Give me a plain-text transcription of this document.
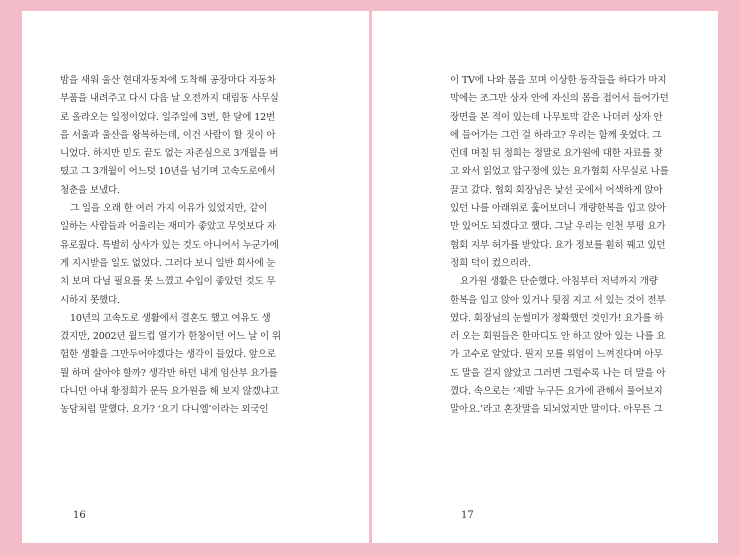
밤을 새워 울산 현대자동차에 도착해 공장마다 자동차
부품을 내려주고 다시 다음 날 오전까지 대림동 사무실
로 올라오는 일정이었다. 일주일에 3번, 한 달에 12번
을 서울과 울산을 왕복하는데, 이건 사람이 할 짓이 아
니었다. 하지만 믿도 끝도 없는 자존심으로 3개월을 버
텼고 그 3개월이 어느덧 10년을 넘기며 고속도로에서
청춘을 보냈다.
그 일을 오래 한 여러 가지 이유가 있었지만, 같이
일하는 사람들과 어울리는 재미가 좋았고 무엇보다 자
유로웠다. 특별히 상사가 있는 것도 아니어서 누군가에
게 지시받을 일도 없었다. 그러다 보니 일반 회사에 눈
치 보며 다닐 필요를 못 느꼈고 수입이 좋았던 것도 무
시하지 못했다.
10년의 고속도로 생활에서 결혼도 했고 여유도 생
겼지만, 2002년 월드컵 열기가 한창이던 어느 날 이 위
험한 생활을 그만두어야겠다는 생각이 들었다. 앞으로
뭘 하며 살아야 할까? 생각만 하던 내게 임산부 요가를
다니던 아내 황정희가 문득 요가원을 해 보지 않겠냐고
농담처럼 말했다. 요가? ‘요기 다니엘’이라는 외국인
16
이 TV에 나와 몸을 꼬며 이상한 동작들을 하다가 마지
막에는 조그만 상자 안에 자신의 몸을 접어서 들어가던
장면을 본 적이 있는데 나무토막 같은 나더러 상자 안
에 들어가는 그런 걸 하라고? 우리는 함께 웃었다. 그
런데 며칠 뒤 정희는 정말로 요가원에 대한 자료를 찾
고 와서 읽었고 압구정에 있는 요가협회 사무실로 나를
끌고 갔다. 협회 회장님은 낯선 곳에서 어색하게 앉아
있던 나를 아래위로 훑어보더니 개량한복을 입고 앉아
만 있어도 되겠다고 했다. 그날 우리는 인천 부평 요가
협회 지부 허가를 받았다. 요가 정보를 훤히 꿰고 있던
정희 덕이 컸으리라.
요가원 생활은 단순했다. 아침부터 저녁까지 개량
한복을 입고 앉아 있거나 뒷짐 지고 서 있는 것이 전부
였다. 회장님의 눈썰미가 정확했던 것인가! 요가를 하
러 오는 회원들은 한마디도 안 하고 앉아 있는 나를 요
가 고수로 알았다. 뭔지 모를 위엄이 느껴진다며 아무
도 말을 걸지 않았고 그러면 그럴수록 나는 더 말을 아
꼈다. 속으로는 ‘제발 누구든 요가에 관해서 물어보지
말아요.’라고 혼잣말을 되뇌었지만 말이다. 아무튼 그
17
